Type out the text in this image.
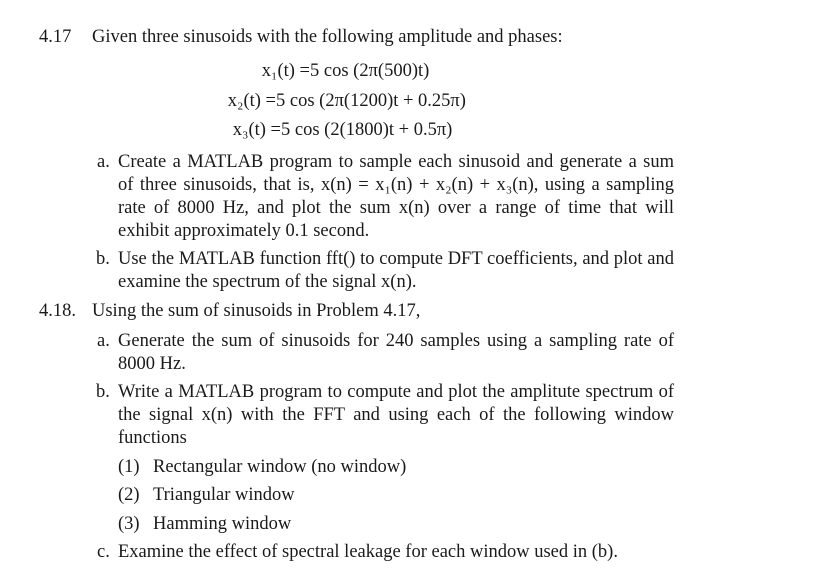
4.17 Given three sinusoids with the following amplitude and phases:
x₁(t) = 5 cos (2π(500)t)
x₂(t) = 5 cos (2π(1200)t + 0.25π)
x₃(t) = 5 cos (2(1800)t + 0.5π)
a. Create a MATLAB program to sample each sinusoid and generate a sum of three sinusoids, that is, x(n) = x₁(n) + x₂(n) + x₃(n), using a sampling rate of 8000 Hz, and plot the sum x(n) over a range of time that will exhibit approximately 0.1 second.
b. Use the MATLAB function fft() to compute DFT coefficients, and plot and examine the spectrum of the signal x(n).
4.18. Using the sum of sinusoids in Problem 4.17,
a. Generate the sum of sinusoids for 240 samples using a sampling rate of 8000 Hz.
b. Write a MATLAB program to compute and plot the amplitute spectrum of the signal x(n) with the FFT and using each of the following window functions
(1) Rectangular window (no window)
(2) Triangular window
(3) Hamming window
c. Examine the effect of spectral leakage for each window used in (b).
